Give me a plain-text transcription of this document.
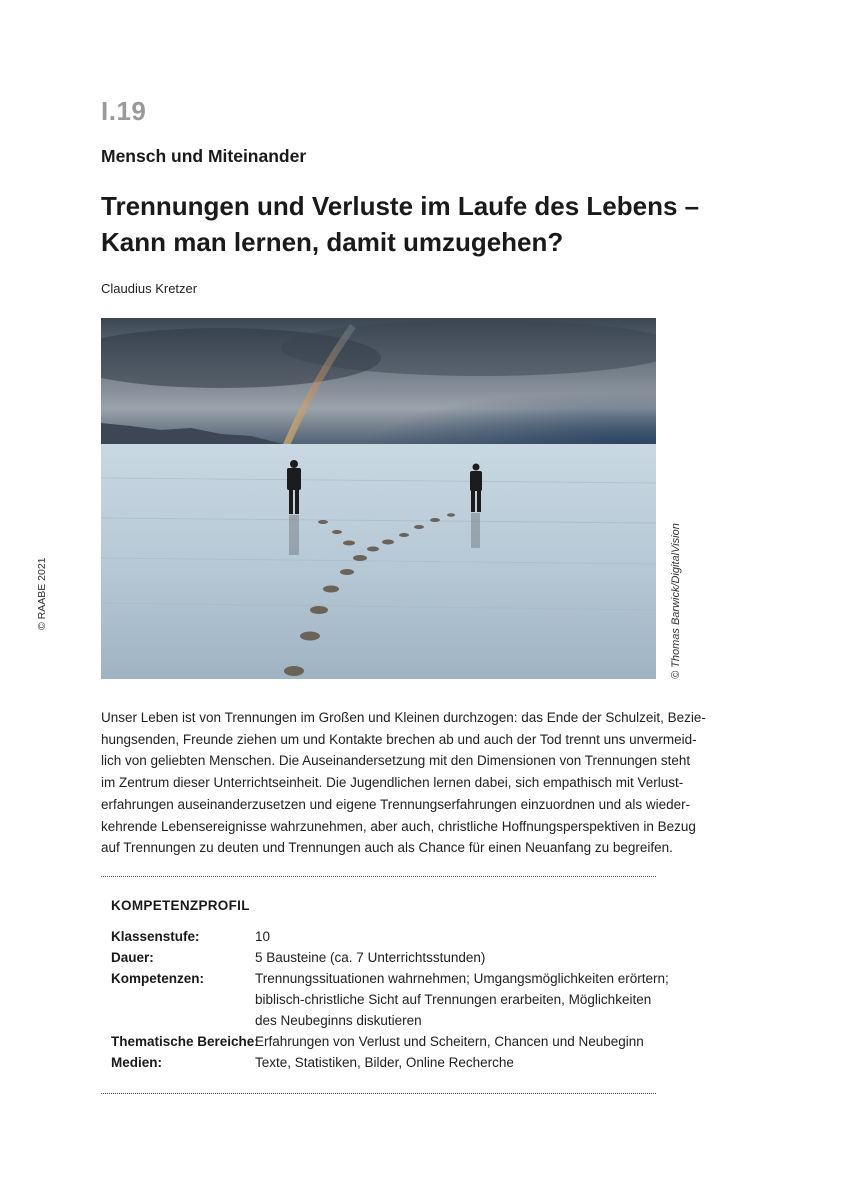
I.19
Mensch und Miteinander
Trennungen und Verluste im Laufe des Lebens –
Kann man lernen, damit umzugehen?
Claudius Kretzer
© Thomas Barwick/DigitalVision
© RAABE 2021

Unser Leben ist von Trennungen im Großen und Kleinen durchzogen: das Ende der Schulzeit, Bezie-
hungsenden, Freunde ziehen um und Kontakte brechen ab und auch der Tod trennt uns unvermeid-
lich von geliebten Menschen. Die Auseinandersetzung mit den Dimensionen von Trennungen steht
im Zentrum dieser Unterrichtseinheit. Die Jugendlichen lernen dabei, sich empathisch mit Verlust-
erfahrungen auseinanderzusetzen und eigene Trennungserfahrungen einzuordnen und als wieder-
kehrende Lebensereignisse wahrzunehmen, aber auch, christliche Hoffnungsperspektiven in Bezug
auf Trennungen zu deuten und Trennungen auch als Chance für einen Neuanfang zu begreifen.

KOMPETENZPROFIL
Klassenstufe:	10
Dauer:	5 Bausteine (ca. 7 Unterrichtsstunden)
Kompetenzen:	Trennungssituationen wahrnehmen; Umgangsmöglichkeiten erörtern;
biblisch-christliche Sicht auf Trennungen erarbeiten, Möglichkeiten
des Neubeginns diskutieren
Thematische Bereiche:
Erfahrungen von Verlust und Scheitern, Chancen und Neubeginn
Medien:	Texte, Statistiken, Bilder, Online Recherche
